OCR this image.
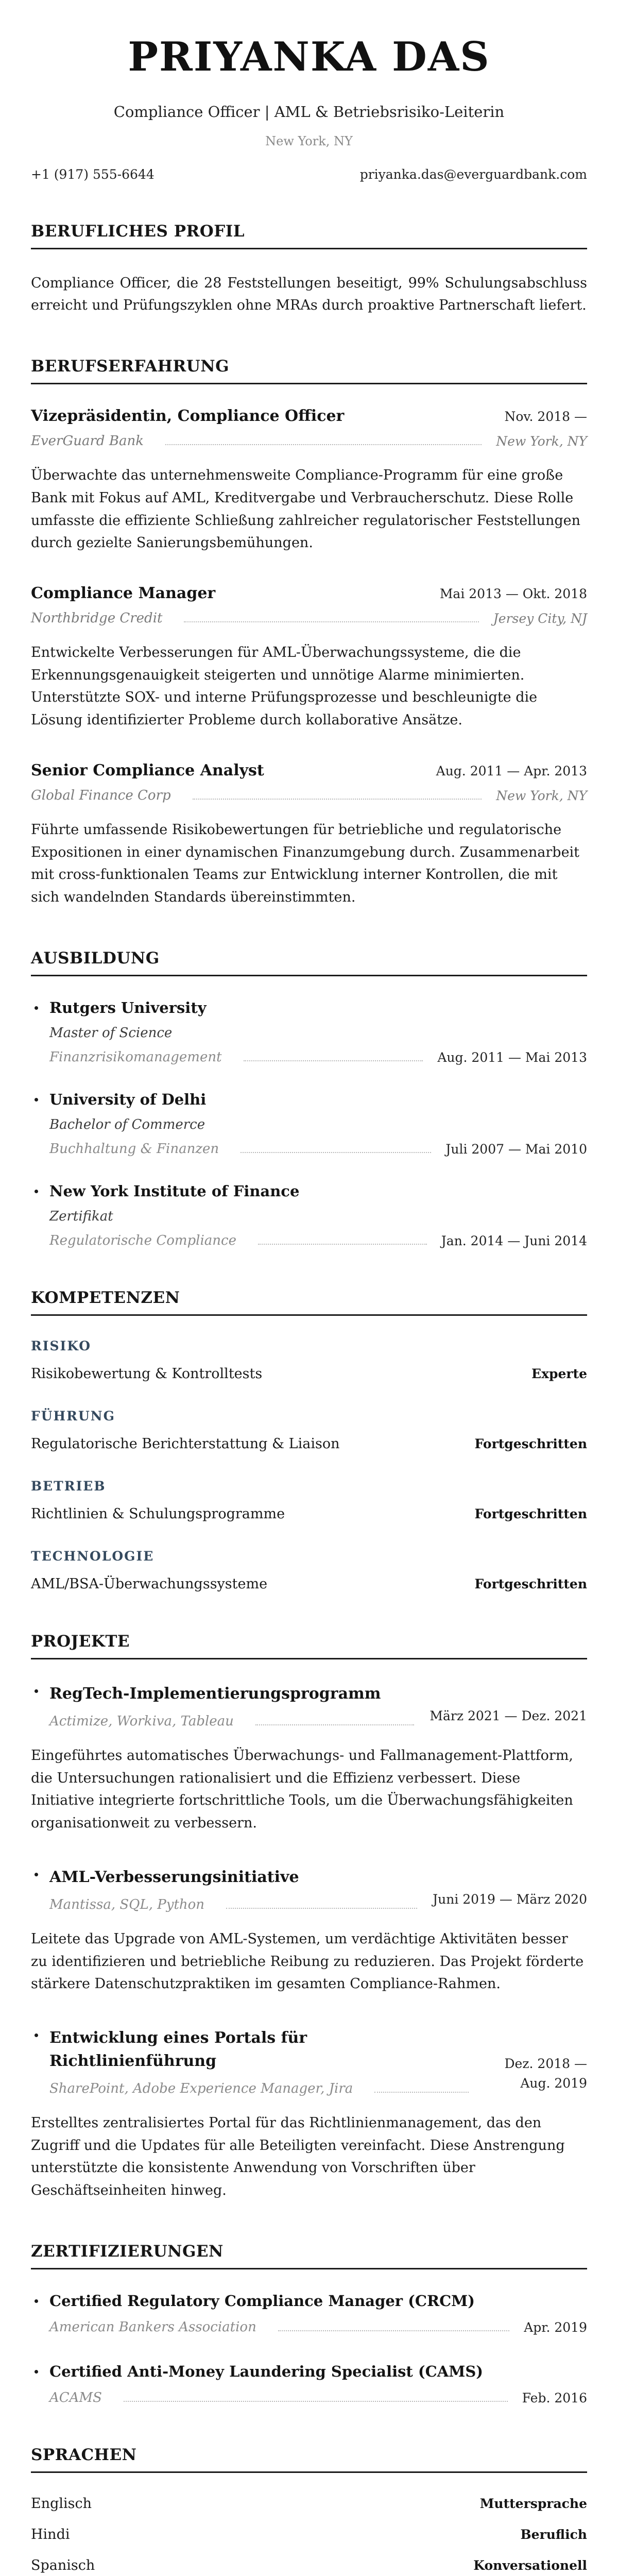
PRIYANKA DAS
Compliance Officer | AML & Betriebsrisiko-Leiterin
New York, NY
+1 (917) 555-6644	priyanka.das@everguardbank.com
BERUFLICHES PROFIL

Compliance Officer, die 28 Feststellungen beseitigt, 99% Schulungsabschluss erreicht und Prüfungszyklen ohne MRAs durch proaktive Partnerschaft liefert.

BERUFSERFAHRUNG
Vizepräsidentin, Compliance Officer	Nov. 2018 —
EverGuard Bank	New York, NY

Überwachte das unternehmensweite Compliance-Programm für eine große Bank mit Fokus auf AML, Kreditvergabe und Verbraucherschutz. Diese Rolle umfasste die effiziente Schließung zahlreicher regulatorischer Feststellungen durch gezielte Sanierungsbemühungen.

Compliance Manager	Mai 2013 — Okt. 2018
Northbridge Credit	Jersey City, NJ

Entwickelte Verbesserungen für AML-Überwachungssysteme, die die Erkennungsgenauigkeit steigerten und unnötige Alarme minimierten. Unterstützte SOX- und interne Prüfungsprozesse und beschleunigte die Lösung identifizierter Probleme durch kollaborative Ansätze.

Senior Compliance Analyst	Aug. 2011 — Apr. 2013
Global Finance Corp	New York, NY

Führte umfassende Risikobewertungen für betriebliche und regulatorische Expositionen in einer dynamischen Finanzumgebung durch. Zusammenarbeit mit cross-funktionalen Teams zur Entwicklung interner Kontrollen, die mit sich wandelnden Standards übereinstimmten.

AUSBILDUNG
Rutgers University
Master of Science
Finanzrisikomanagement	Aug. 2011 — Mai 2013
University of Delhi
Bachelor of Commerce
Buchhaltung & Finanzen	Juli 2007 — Mai 2010
New York Institute of Finance
Zertifikat
Regulatorische Compliance	Jan. 2014 — Juni 2014
KOMPETENZEN
RISIKO
Risikobewertung & Kontrolltests	Experte
FÜHRUNG
Regulatorische Berichterstattung & Liaison	Fortgeschritten
BETRIEB
Richtlinien & Schulungsprogramme	Fortgeschritten
TECHNOLOGIE
AML/BSA-Überwachungssysteme	Fortgeschritten
PROJEKTE
RegTech-Implementierungsprogramm
Actimize, Workiva, Tableau	März 2021 — Dez. 2021

Eingeführtes automatisches Überwachungs- und Fallmanagement-Plattform, die Untersuchungen rationalisiert und die Effizienz verbessert. Diese Initiative integrierte fortschrittliche Tools, um die Überwachungsfähigkeiten organisationweit zu verbessern.

AML-Verbesserungsinitiative
Mantissa, SQL, Python	Juni 2019 — März 2020

Leitete das Upgrade von AML-Systemen, um verdächtige Aktivitäten besser zu identifizieren und betriebliche Reibung zu reduzieren. Das Projekt förderte stärkere Datenschutzpraktiken im gesamten Compliance-Rahmen.

Entwicklung eines Portals für Richtlinienführung
SharePoint, Adobe Experience Manager, Jira
Dez. 2018 — Aug. 2019

Erstelltes zentralisiertes Portal für das Richtlinienmanagement, das den Zugriff und die Updates für alle Beteiligten vereinfacht. Diese Anstrengung unterstützte die konsistente Anwendung von Vorschriften über Geschäftseinheiten hinweg.

ZERTIFIZIERUNGEN
Certified Regulatory Compliance Manager (CRCM)
American Bankers Association	Apr. 2019
Certified Anti-Money Laundering Specialist (CAMS)
ACAMS	Feb. 2016
SPRACHEN
Englisch	Muttersprache
Hindi	Beruflich
Spanisch	Konversationell
